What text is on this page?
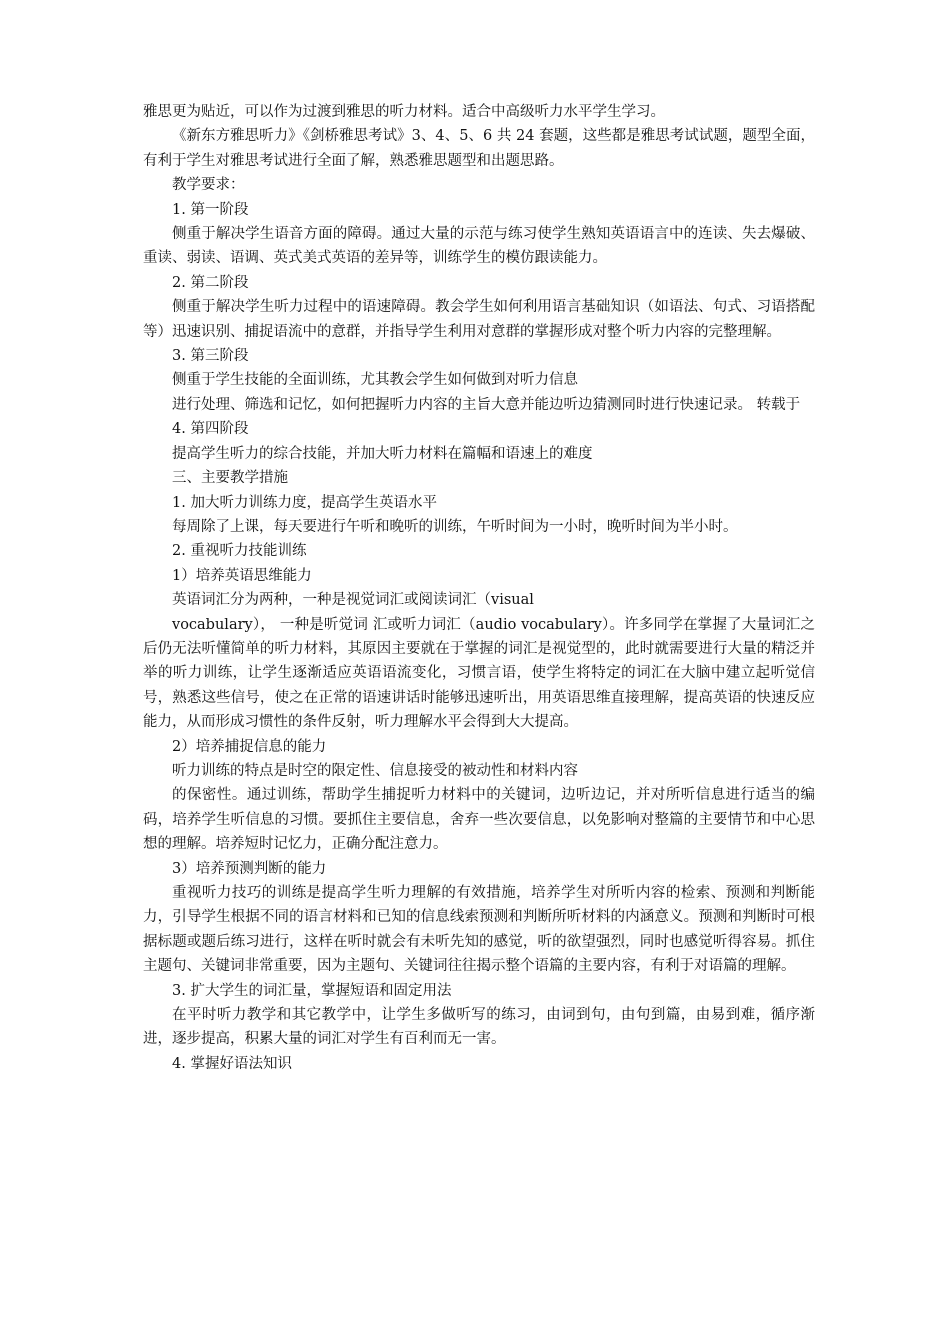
雅思更为贴近，可以作为过渡到雅思的听力材料。适合中高级听力水平学生学习。

《新东方雅思听力》《剑桥雅思考试》3、4、5、6 共 24 套题，这些都是雅思考试试题，题型全面，有利于学生对雅思考试进行全面了解，熟悉雅思题型和出题思路。

教学要求：

1. 第一阶段

侧重于解决学生语音方面的障碍。通过大量的示范与练习使学生熟知英语语言中的连读、失去爆破、重读、弱读、语调、英式美式英语的差异等，训练学生的模仿跟读能力。

2. 第二阶段

侧重于解决学生听力过程中的语速障碍。教会学生如何利用语言基础知识（如语法、句式、习语搭配等）迅速识别、捕捉语流中的意群，并指导学生利用对意群的掌握形成对整个听力内容的完整理解。

3. 第三阶段

侧重于学生技能的全面训练，尤其教会学生如何做到对听力信息

进行处理、筛选和记忆，如何把握听力内容的主旨大意并能边听边猜测同时进行快速记录。 转载于

4. 第四阶段

提高学生听力的综合技能，并加大听力材料在篇幅和语速上的难度

三、主要教学措施

1. 加大听力训练力度，提高学生英语水平

每周除了上课，每天要进行午听和晚听的训练，午听时间为一小时，晚听时间为半小时。

2. 重视听力技能训练

1）培养英语思维能力

英语词汇分为两种，一种是视觉词汇或阅读词汇（visual

vocabulary）， 一种是听觉词 汇或听力词汇（audio vocabulary）。许多同学在掌握了大量词汇之后仍无法听懂简单的听力材料，其原因主要就在于掌握的词汇是视觉型的，此时就需要进行大量的精泛并举的听力训练，让学生逐渐适应英语语流变化，习惯言语，使学生将特定的词汇在大脑中建立起听觉信号，熟悉这些信号，使之在正常的语速讲话时能够迅速听出，用英语思维直接理解，提高英语的快速反应能力，从而形成习惯性的条件反射，听力理解水平会得到大大提高。

2）培养捕捉信息的能力

听力训练的特点是时空的限定性、信息接受的被动性和材料内容

的保密性。通过训练，帮助学生捕捉听力材料中的关键词，边听边记，并对所听信息进行适当的编码，培养学生听信息的习惯。要抓住主要信息，舍弃一些次要信息，以免影响对整篇的主要情节和中心思想的理解。培养短时记忆力，正确分配注意力。

3）培养预测判断的能力

重视听力技巧的训练是提高学生听力理解的有效措施，培养学生对所听内容的检索、预测和判断能力，引导学生根据不同的语言材料和已知的信息线索预测和判断所听材料的内涵意义。预测和判断时可根据标题或题后练习进行，这样在听时就会有未听先知的感觉，听的欲望强烈，同时也感觉听得容易。抓住主题句、关键词非常重要，因为主题句、关键词往往揭示整个语篇的主要内容，有利于对语篇的理解。

3. 扩大学生的词汇量，掌握短语和固定用法

在平时听力教学和其它教学中，让学生多做听写的练习，由词到句，由句到篇，由易到难，循序渐进，逐步提高，积累大量的词汇对学生有百利而无一害。

4. 掌握好语法知识
